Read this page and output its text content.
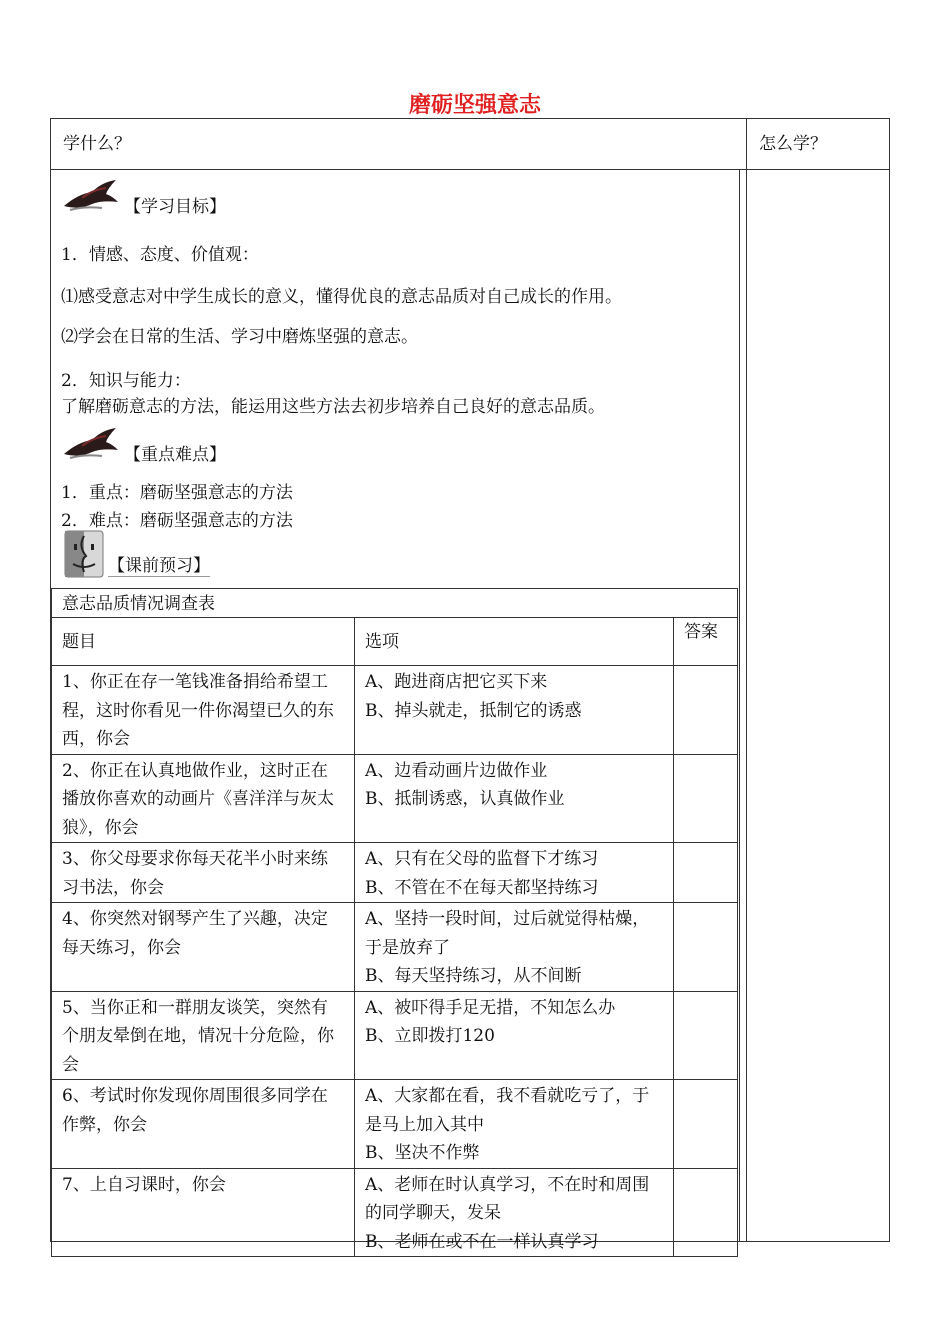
磨砺坚强意志
学什么？	怎么学？
【学习目标】
1．情感、态度、价值观：
⑴感受意志对中学生成长的意义，懂得优良的意志品质对自己成长的作用。
⑵学会在日常的生活、学习中磨炼坚强的意志。
2．知识与能力：
了解磨砺意志的方法，能运用这些方法去初步培养自己良好的意志品质。
【重点难点】
1．重点：磨砺坚强意志的方法
2．难点：磨砺坚强意志的方法
【课前预习】
意志品质情况调查表		
题目	选项	答案
1、你正在存一笔钱准备捐给希望工程，这时你看见一件你渴望已久的东西，你会	A、跑进商店把它买下来
B、掉头就走，抵制它的诱惑	

2、你正在认真地做作业，这时正在播放你喜欢的动画片《喜洋洋与灰太狼》，你会	A、边看动画片边做作业
B、抵制诱惑，认真做作业	

3、你父母要求你每天花半小时来练习书法，你会	A、只有在父母的监督下才练习
B、不管在不在每天都坚持练习	

4、你突然对钢琴产生了兴趣，决定每天练习，你会	A、坚持一段时间，过后就觉得枯燥，于是放弃了
B、每天坚持练习，从不间断	

5、当你正和一群朋友谈笑，突然有个朋友晕倒在地，情况十分危险，你会	A、被吓得手足无措，不知怎么办
B、立即拨打120	

6、考试时你发现你周围很多同学在作弊，你会	A、大家都在看，我不看就吃亏了，于是马上加入其中
B、坚决不作弊	

7、上自习课时，你会	A、老师在时认真学习，不在时和周围的同学聊天，发呆
B、老师在或不在一样认真学习	
